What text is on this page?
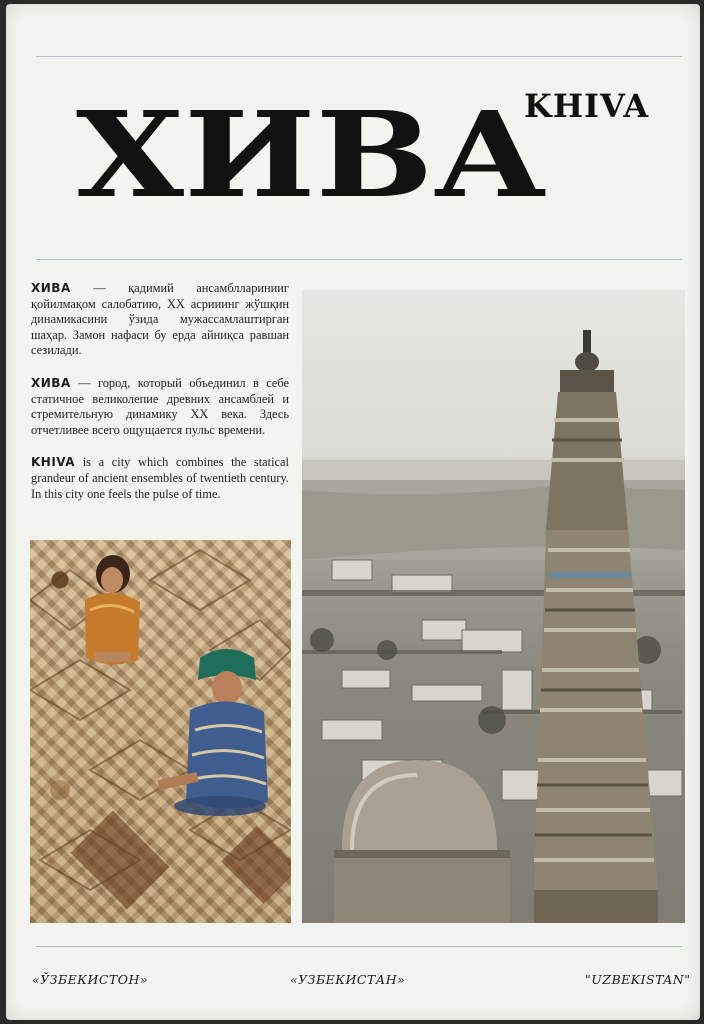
ХИВА
KHIVA

ХИВА — қадимий ансамблларинииг қойилмақом салобатию, XX асрииинг жўшқин динамикасини ўзида мужассамлаштирган шаҳар. Замон нафаси бу ерда айниқса равшан сезилади.

ХИВА — город, который объединил в себе статичное великолепие древних ансамблей и стремительную динамику XX века. Здесь отчетливее всего ощущается пульс времени.

KHIVA is a city which combines the statical grandeur of ancient ensembles of twentieth century. In this city one feels the pulse of time.

«ЎЗБЕКИСТОН»	«УЗБЕКИСТАН»	"UZBEKISTAN"
